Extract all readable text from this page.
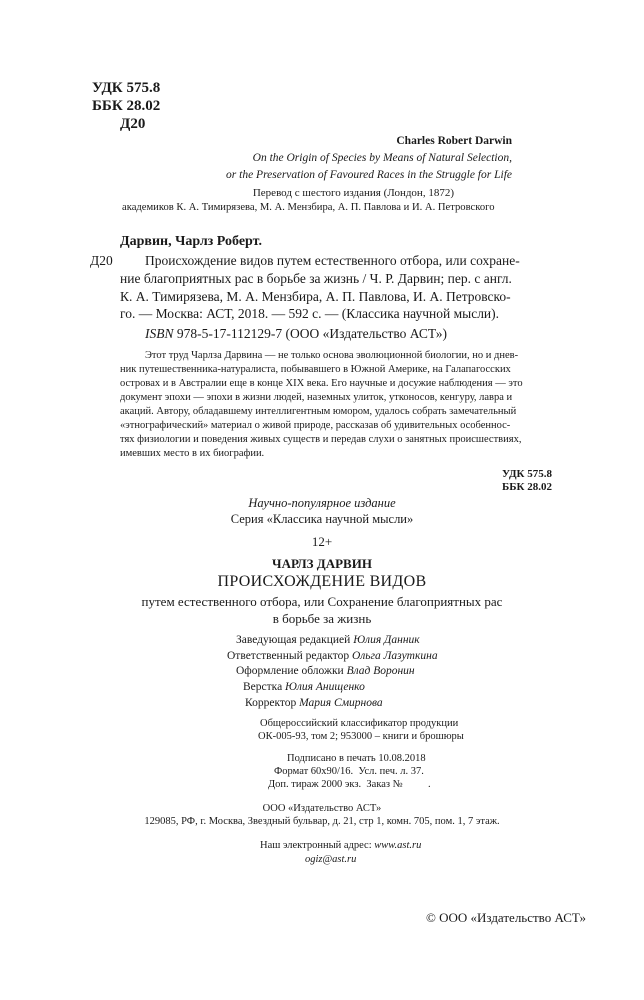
УДК 575.8
ББК 28.02
Д20
Charles Robert Darwin
On the Origin of Species by Means of Natural Selection,
or the Preservation of Favoured Races in the Struggle for Life
Перевод с шестого издания (Лондон, 1872)
академиков К. А. Тимирязева, М. А. Мензбира, А. П. Павлова и И. А. Петровского
Дарвин, Чарлз Роберт.
Д20 Происхождение видов путем естественного отбора, или сохране-
ние благоприятных рас в борьбе за жизнь / Ч. Р. Дарвин; пер. с англ.
К. А. Тимирязева, М. А. Мензбира, А. П. Павлова, И. А. Петровско-
го. — Москва: АСТ, 2018. — 592 с. — (Классика научной мысли).
ISBN 978-5-17-112129-7 (ООО «Издательство АСТ»)
Этот труд Чарлза Дарвина — не только основа эволюционной биологии, но и днев-
ник путешественника-натуралиста, побывавшего в Южной Америке, на Галапагосских
островах и в Австралии еще в конце XIX века. Его научные и досужие наблюдения — это
документ эпохи — эпохи в жизни людей, наземных улиток, утконосов, кенгуру, лавра и
акаций. Автору, обладавшему интеллигентным юмором, удалось собрать замечательный
«этнографический» материал о живой природе, рассказав об удивительных особеннос-
тях физиологии и поведения живых существ и передав слухи о занятных происшествиях,
имевших место в их биографии.
УДК 575.8
ББК 28.02
Научно-популярное издание
Серия «Классика научной мысли»
12+
ЧАРЛЗ ДАРВИН
ПРОИСХОЖДЕНИЕ ВИДОВ
путем естественного отбора, или Сохранение благоприятных рас
в борьбе за жизнь
Заведующая редакцией Юлия Данник
Ответственный редактор Ольга Лазуткина
Оформление обложки Влад Воронин
Верстка Юлия Анищенко
Корректор Мария Смирнова
Общероссийский классификатор продукции
ОК-005-93, том 2; 953000 – книги и брошюры
Подписано в печать 10.08.2018
Формат 60х90/16.  Усл. печ. л. 37.
Доп. тираж 2000 экз.  Заказ № .
ООО «Издательство АСТ»
129085, РФ, г. Москва, Звездный бульвар, д. 21, стр 1, комн. 705, пом. 1, 7 этаж.
Наш электронный адрес: www.ast.ru
ogiz@ast.ru
© ООО «Издательство АСТ»
